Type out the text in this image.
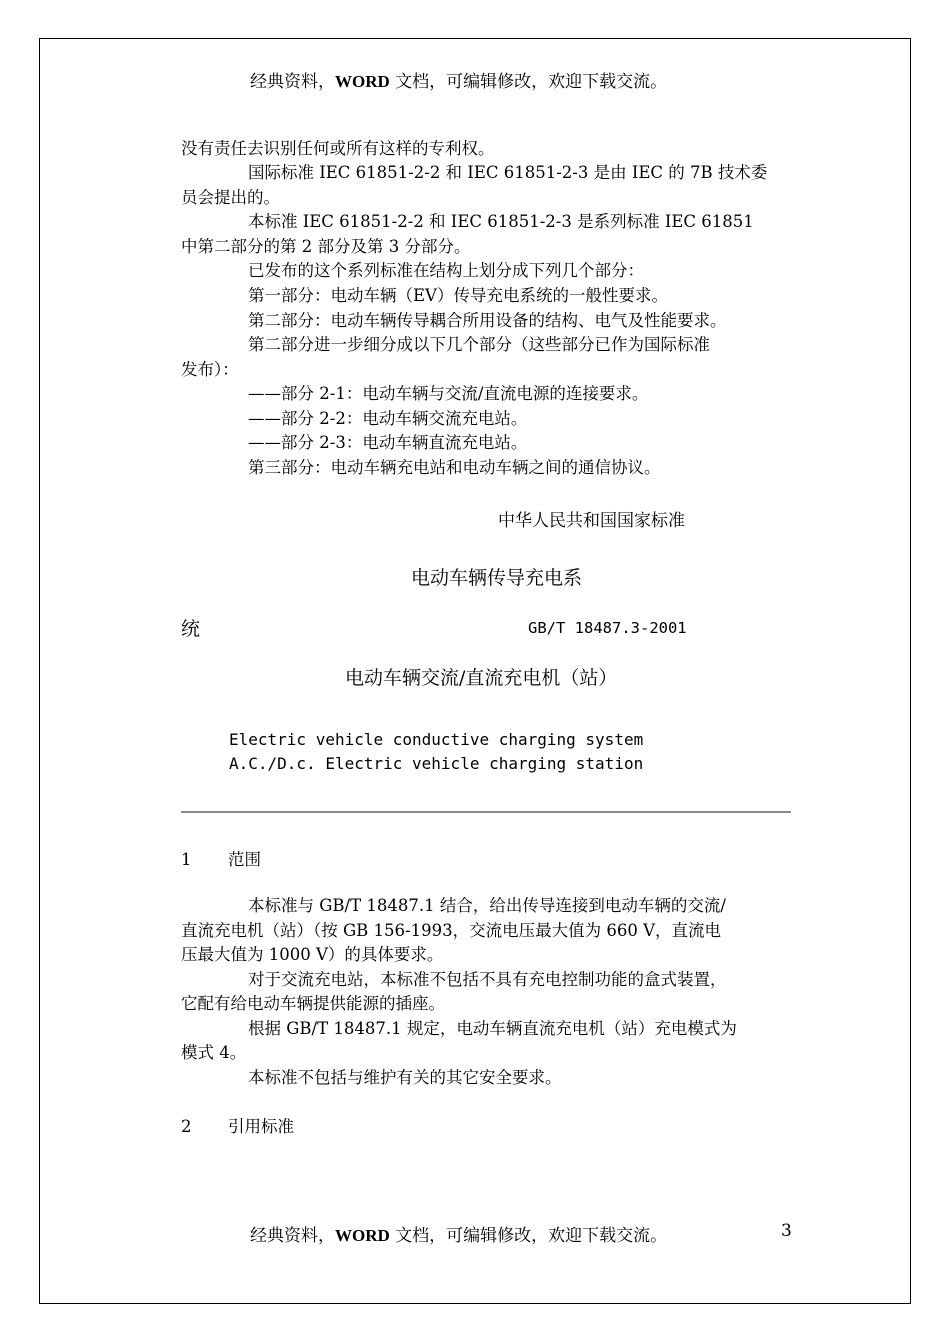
经典资料，WORD 文档，可编辑修改，欢迎下载交流。
没有责任去识别任何或所有这样的专利权。
国际标准 IEC 61851-2-2 和 IEC 61851-2-3 是由 IEC 的 7B 技术委
员会提出的。
本标准 IEC 61851-2-2 和 IEC 61851-2-3 是系列标准 IEC 61851
中第二部分的第 2 部分及第 3 分部分。
已发布的这个系列标准在结构上划分成下列几个部分：
第一部分：电动车辆（EV）传导充电系统的一般性要求。
第二部分：电动车辆传导耦合所用设备的结构、电气及性能要求。
第二部分进一步细分成以下几个部分（这些部分已作为国际标准
发布）：
——部分 2-1：电动车辆与交流/直流电源的连接要求。
——部分 2-2：电动车辆交流充电站。
——部分 2-3：电动车辆直流充电站。
第三部分：电动车辆充电站和电动车辆之间的通信协议。
中华人民共和国国家标准
电动车辆传导充电系
统	GB/T 18487.3-2001
电动车辆交流/直流充电机（站）
Electric vehicle conductive charging system
A.C./D.c. Electric vehicle charging station
1 范围
本标准与 GB/T 18487.1 结合，给出传导连接到电动车辆的交流/
直流充电机（站）（按 GB 156-1993，交流电压最大值为 660 V，直流电
压最大值为 1000 V）的具体要求。
对于交流充电站，本标准不包括不具有充电控制功能的盒式装置，
它配有给电动车辆提供能源的插座。
根据 GB/T 18487.1 规定，电动车辆直流充电机（站）充电模式为
模式 4。
本标准不包括与维护有关的其它安全要求。
2 引用标准
经典资料，WORD 文档，可编辑修改，欢迎下载交流。	3
